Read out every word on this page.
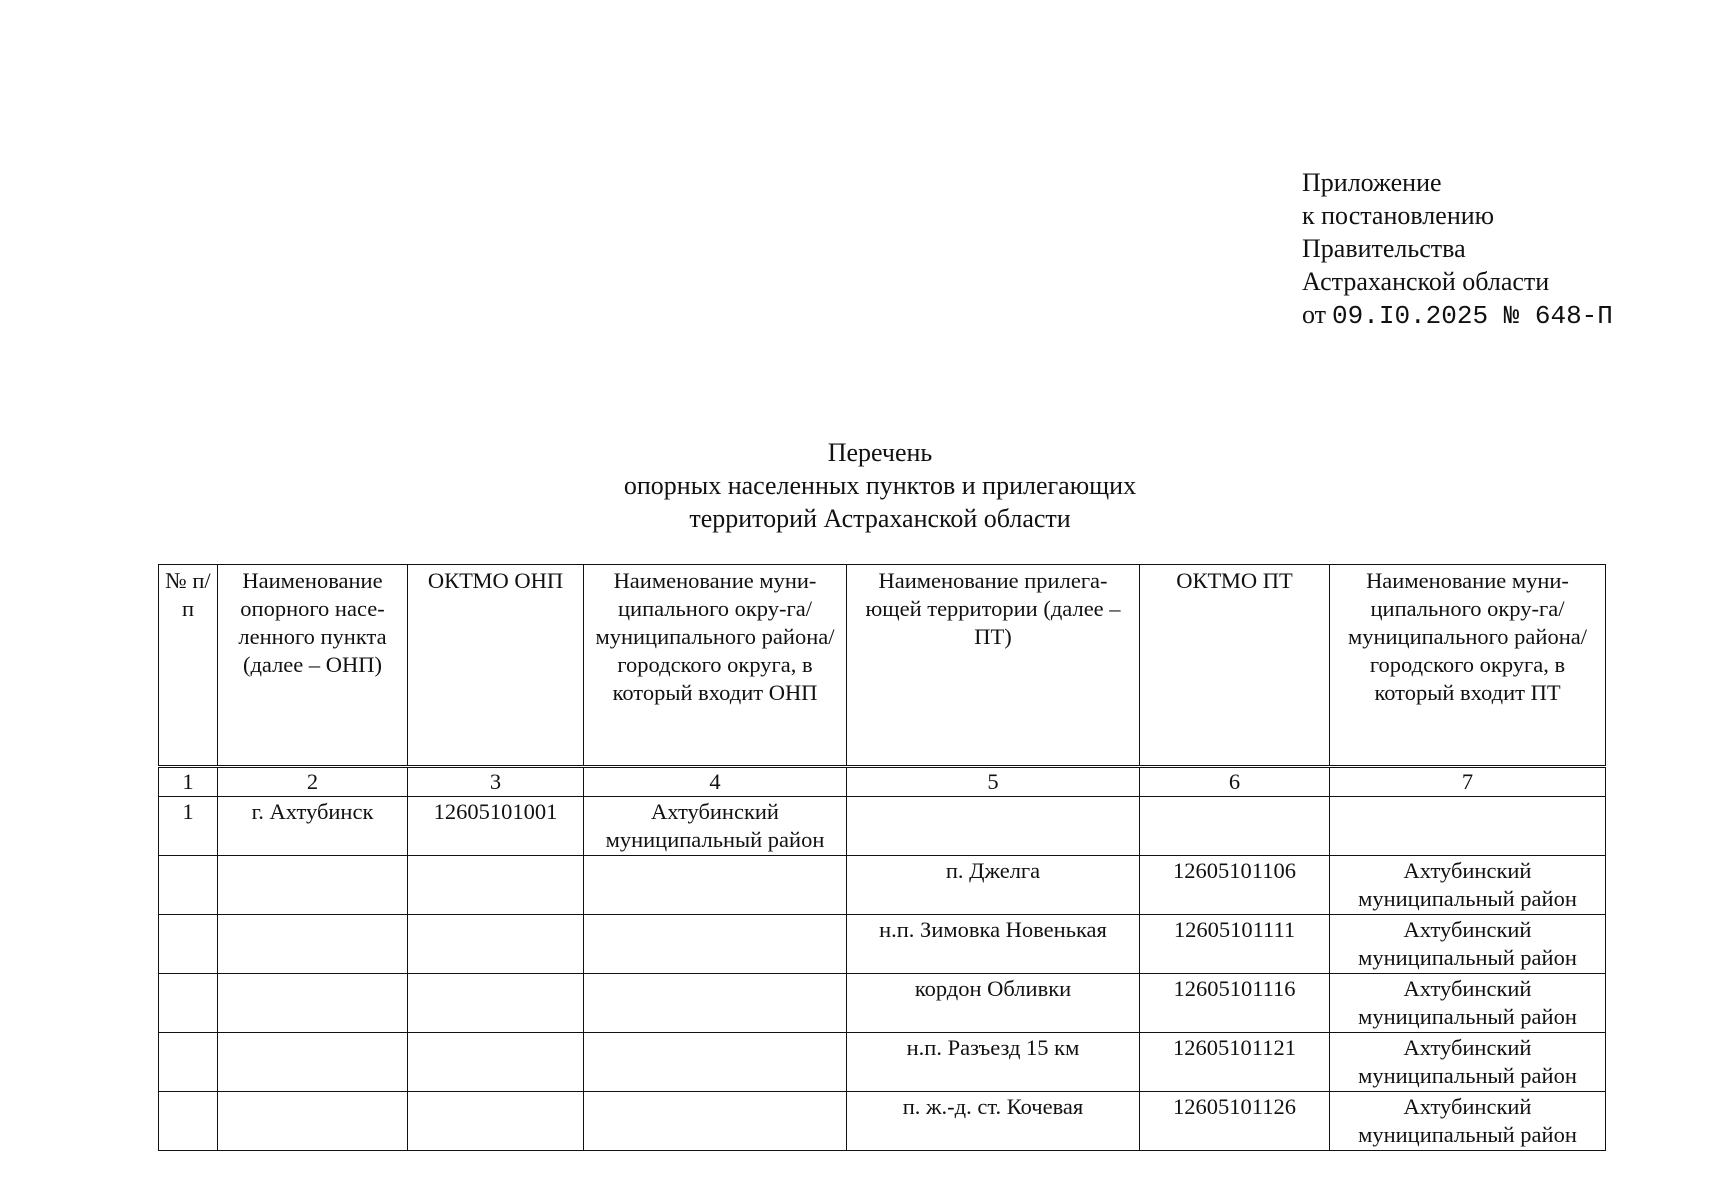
Приложение
к постановлению
Правительства
Астраханской области
от 09.I0.2025 № 648-П
Перечень
опорных населенных пунктов и прилегающих
территорий Астраханской области
№ п/п	Наименование опорного насе-ленного пункта (далее – ОНП)	ОКТМО ОНП	Наименование муни-ципального окру-га/муниципального района/городского округа, в который входит ОНП	Наименование прилега-ющей территории (далее – ПТ)	ОКТМО ПТ	Наименование муни-ципального окру-га/муниципального района/городского округа, в который входит ПТ
1	2	3	4	5	6	7
1	г. Ахтубинск	12605101001	Ахтубинский муниципальный район			
				п. Джелга	12605101106	Ахтубинский муниципальный район
				н.п. Зимовка Новенькая	12605101111	Ахтубинский муниципальный район
				кордон Обливки	12605101116	Ахтубинский муниципальный район
				н.п. Разъезд 15 км	12605101121	Ахтубинский муниципальный район
				п. ж.-д. ст. Кочевая	12605101126	Ахтубинский муниципальный район
